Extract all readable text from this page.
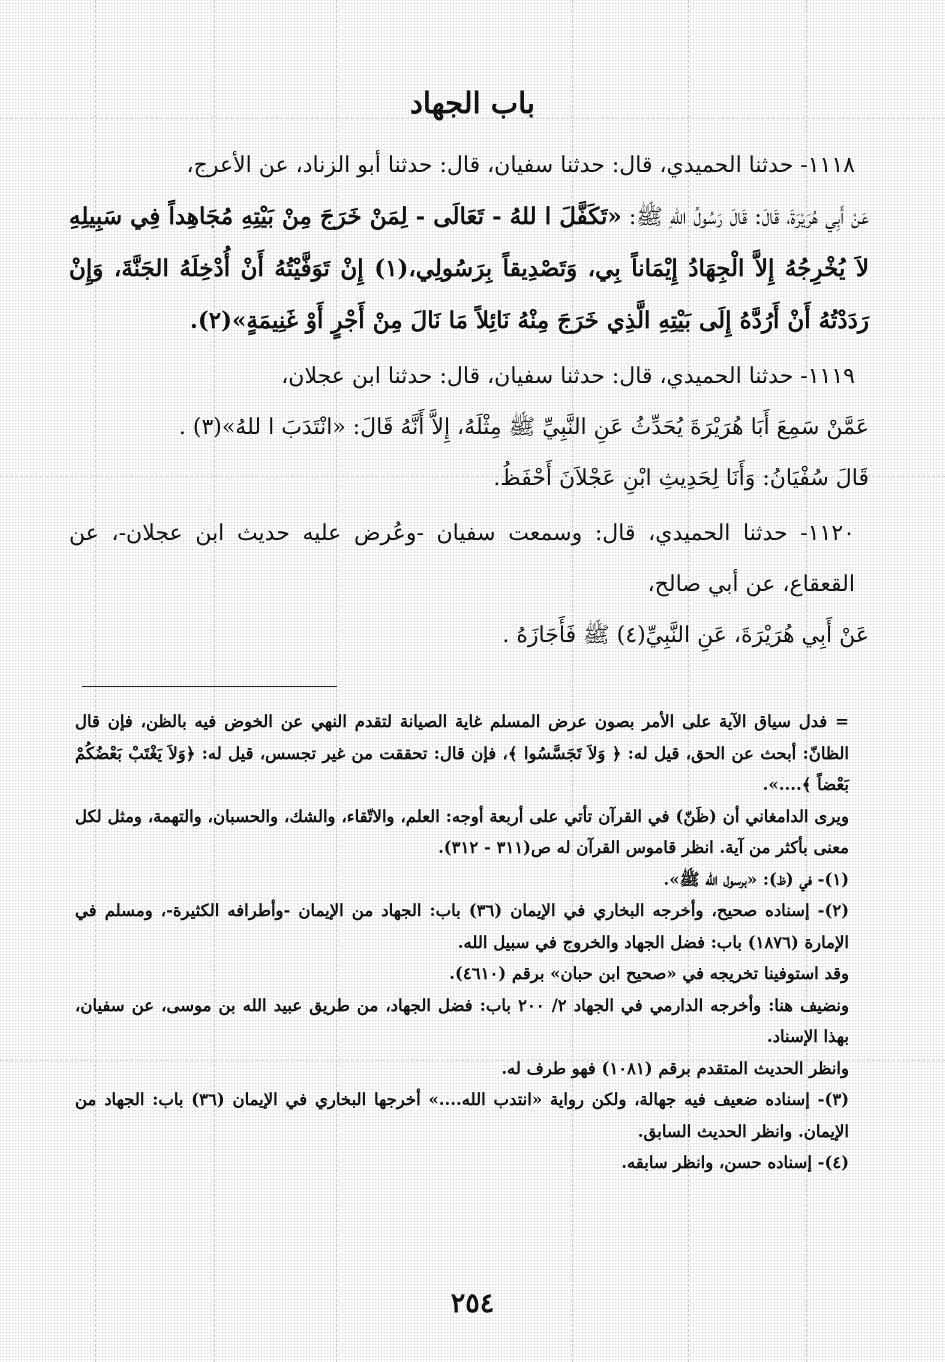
باب الجهاد

١١١٨- حدثنا الحميدي، قال: حدثنا سفيان، قال: حدثنا أبو الزناد، عن الأعرج،

عَنْ أَبِي هُرَيْرَةَ، قَالَ: قَالَ رَسُولُ اللهِ ﷺ: «تَكَفَّلَ ا للهُ - تَعَالَى - لِمَنْ خَرَجَ مِنْ بَيْتِهِ مُجَاهِداً فِي سَبِيلِهِ لاَ يُخْرِجُهُ إِلاَّ الْجِهَادُ إِيْمَاناً بِي، وَتَصْدِيقاً بِرَسُولِي،(١) إِنْ تَوَفَّيْتُهُ أَنْ أُدْخِلَهُ الجَنَّةَ، وَإِنْ رَدَدْتُهُ أَنْ أَرُدَّهُ إِلَى بَيْتِهِ الَّذِي خَرَجَ مِنْهُ نَائِلاً مَا نَالَ مِنْ أَجْرٍ أَوْ غَنِيمَةٍ»(٢).

١١١٩- حدثنا الحميدي، قال: حدثنا سفيان، قال: حدثنا ابن عجلان،

عَمَّنْ سَمِعَ أَبَا هُرَيْرَةَ يُحَدِّثُ عَنِ النَّبِيِّ ﷺ مِثْلَهُ، إِلاَّ أَنَّهُ قَالَ: «انْتَدَبَ ا للهُ»(٣) .

قَالَ سُفْيَانُ: وَأَنَا لِحَدِيثِ ابْنِ عَجْلاَنَ أَحْفَظُ.

١١٢٠- حدثنا الحميدي، قال: وسمعت سفيان -وعُرض عليه حديث ابن عجلان-، عن القعقاع، عن أبي صالح،

عَنْ أَبِي هُرَيْرَةَ، عَنِ النَّبِيِّ(٤) ﷺ فَأَجَازَهُ .

= فدل سياق الآية على الأمر بصون عرض المسلم غاية الصيانة لتقدم النهي عن الخوض فيه بالظن، فإن قال الظانّ: أبحث عن الحق، قيل له: ﴿ وَلاَ تَجَسَّسُوا ﴾، فإن قال: تحققت من غير تجسس، قيل له: ﴿وَلاَ يَغْتَبْ بَعْضُكُمْ بَعْضاً ﴾....».

ويرى الدامغاني أن (ظَنّ) في القرآن تأتي على أربعة أوجه: العلم، والاتّقاء، والشك، والحسبان، والتهمة، ومثل لكل معنى بأكثر من آية. انظر قاموس القرآن له ص(٣١١ - ٣١٢).

(١)- في (ظ): «برسول الله ﷺ».

(٢)- إسناده صحيح، وأخرجه البخاري في الإيمان (٣٦) باب: الجهاد من الإيمان -وأطرافه الكثيرة-، ومسلم في الإمارة (١٨٧٦) باب: فضل الجهاد والخروج في سبيل الله.

وقد استوفينا تخريجه في «صحيح ابن حبان» برقم (٤٦١٠).

ونضيف هنا: وأخرجه الدارمي في الجهاد ٢/ ٢٠٠ باب: فضل الجهاد، من طريق عبيد الله بن موسى، عن سفيان، بهذا الإسناد.

وانظر الحديث المتقدم برقم (١٠٨١) فهو طرف له.

(٣)- إسناده ضعيف فيه جهالة، ولكن رواية «انتدب الله....» أخرجها البخاري في الإيمان (٣٦) باب: الجهاد من الإيمان. وانظر الحديث السابق.

(٤)- إسناده حسن، وانظر سابقه.

٢٥٤
